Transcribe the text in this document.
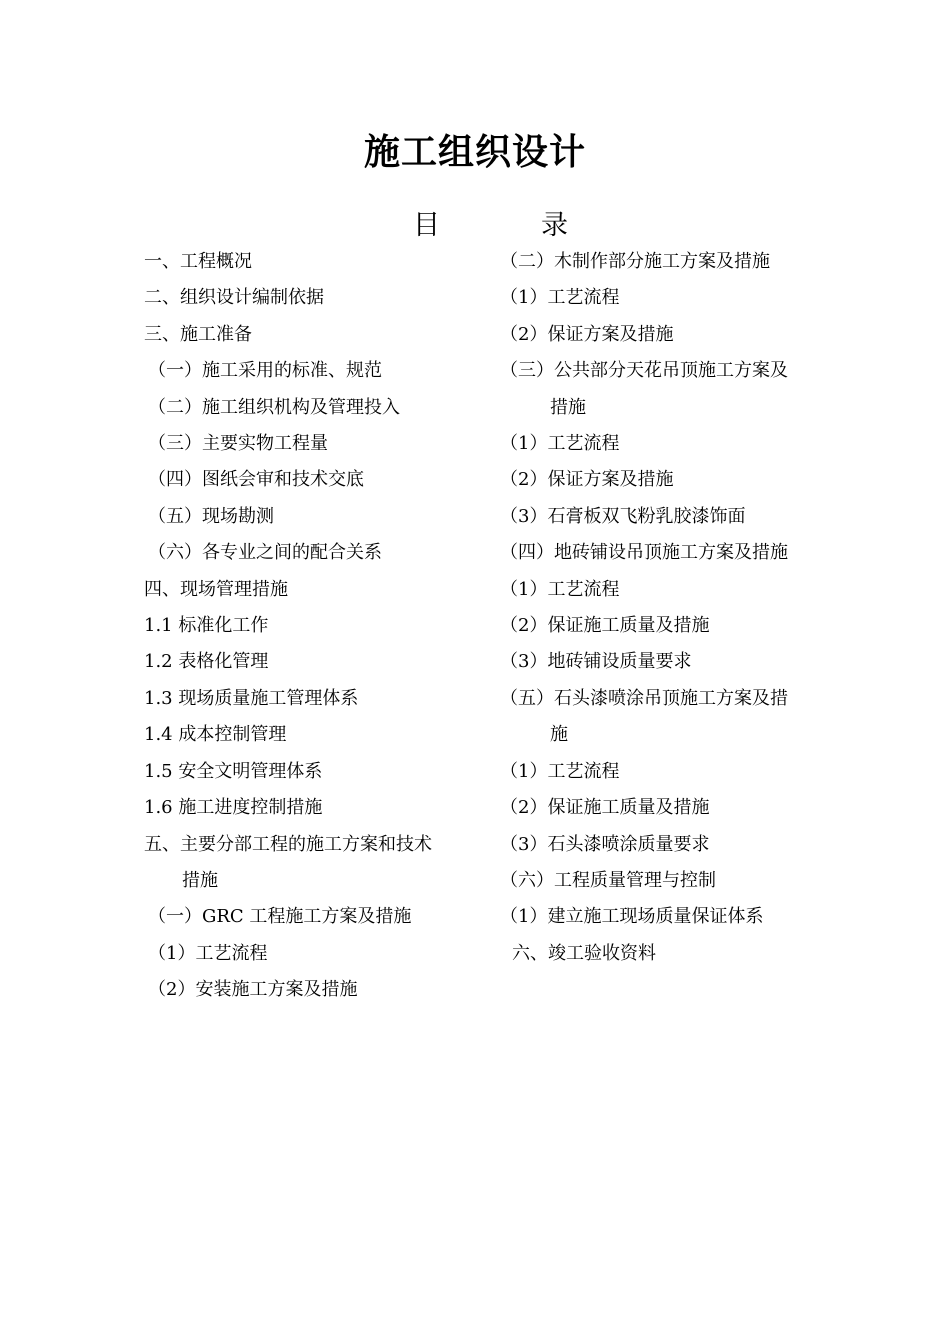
施工组织设计
目	录
一、工程概况
二、组织设计编制依据
三、施工准备
（一）施工采用的标准、规范
（二）施工组织机构及管理投入
（三）主要实物工程量
（四）图纸会审和技术交底
（五）现场勘测
（六）各专业之间的配合关系
四、现场管理措施
1.1 标准化工作
1.2 表格化管理
1.3 现场质量施工管理体系
1.4 成本控制管理
1.5 安全文明管理体系
1.6 施工进度控制措施
五、主要分部工程的施工方案和技术
措施
（一）GRC 工程施工方案及措施
（1）工艺流程
（2）安装施工方案及措施
（二）木制作部分施工方案及措施
（1）工艺流程
（2）保证方案及措施
（三）公共部分天花吊顶施工方案及
措施
（1）工艺流程
（2）保证方案及措施
（3）石膏板双飞粉乳胶漆饰面
（四）地砖铺设吊顶施工方案及措施
（1）工艺流程
（2）保证施工质量及措施
（3）地砖铺设质量要求
（五）石头漆喷涂吊顶施工方案及措
施
（1）工艺流程
（2）保证施工质量及措施
（3）石头漆喷涂质量要求
（六）工程质量管理与控制
（1）建立施工现场质量保证体系
六、竣工验收资料
